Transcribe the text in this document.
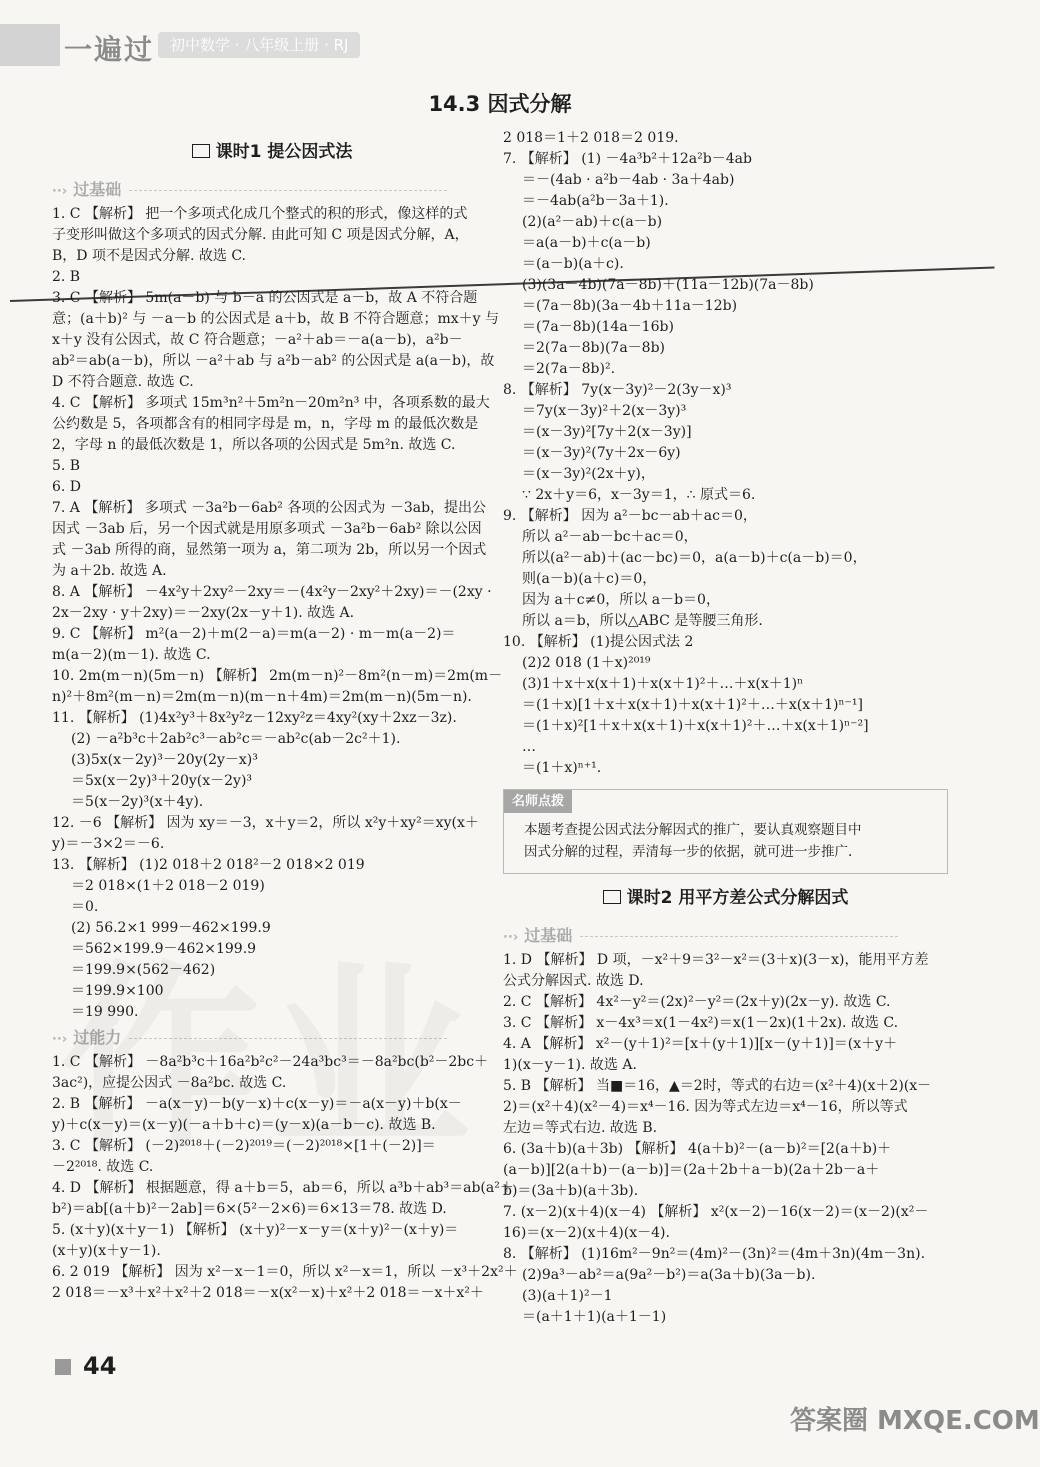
一遍过	初中数学 · 八年级上册 · RJ
14.3 因式分解

课时1 提公因式法

∙∙› 过基础

1. C 【解析】 把一个多项式化成几个整式的积的形式，像这样的式

子变形叫做这个多项式的因式分解. 由此可知 C 项是因式分解，A，

B，D 项不是因式分解. 故选 C.

2. B

3. C 【解析】 5m(a－b) 与 b－a 的公因式是 a－b，故 A 不符合题

意；(a＋b)² 与 －a－b 的公因式是 a＋b，故 B 不符合题意；mx＋y 与

x＋y 没有公因式，故 C 符合题意；－a²＋ab＝－a(a－b)，a²b－

ab²＝ab(a－b)，所以 －a²＋ab 与 a²b－ab² 的公因式是 a(a－b)，故

D 不符合题意. 故选 C.

4. C 【解析】 多项式 15m³n²＋5m²n－20m²n³ 中，各项系数的最大

公约数是 5，各项都含有的相同字母是 m，n，字母 m 的最低次数是

2，字母 n 的最低次数是 1，所以各项的公因式是 5m²n. 故选 C.

5. B

6. D

7. A 【解析】 多项式 －3a²b－6ab² 各项的公因式为 －3ab，提出公

因式 －3ab 后，另一个因式就是用原多项式 －3a²b－6ab² 除以公因

式 －3ab 所得的商，显然第一项为 a，第二项为 2b，所以另一个因式

为 a＋2b. 故选 A.

8. A 【解析】 －4x²y＋2xy²－2xy＝－(4x²y－2xy²＋2xy)＝－(2xy ·

2x－2xy · y＋2xy)＝－2xy(2x－y＋1). 故选 A.

9. C 【解析】 m²(a－2)＋m(2－a)＝m(a－2) · m－m(a－2)＝

m(a－2)(m－1). 故选 C.

10. 2m(m－n)(5m－n) 【解析】 2m(m－n)²－8m²(n－m)＝2m(m－

n)²＋8m²(m－n)＝2m(m－n)(m－n＋4m)＝2m(m－n)(5m－n).

11. 【解析】 (1)4x²y³＋8x²y²z－12xy²z＝4xy²(xy＋2xz－3z).

(2) －a²b³c＋2ab²c³－ab²c＝－ab²c(ab－2c²＋1).

(3)5x(x－2y)³－20y(2y－x)³

＝5x(x－2y)³＋20y(x－2y)³

＝5(x－2y)³(x＋4y).

12. －6 【解析】 因为 xy＝－3，x＋y＝2，所以 x²y＋xy²＝xy(x＋

y)＝－3×2＝－6.

13. 【解析】 (1)2 018＋2 018²－2 018×2 019

＝2 018×(1＋2 018－2 019)

＝0.

(2) 56.2×1 999－462×199.9

＝562×199.9－462×199.9

＝199.9×(562－462)

＝199.9×100

＝19 990.

∙∙› 过能力

1. C 【解析】 －8a²b³c＋16a²b²c²－24a³bc³＝－8a²bc(b²－2bc＋

3ac²)，应提公因式 －8a²bc. 故选 C.

2. B 【解析】 －a(x－y)－b(y－x)＋c(x－y)＝－a(x－y)＋b(x－

y)＋c(x－y)＝(x－y)(－a＋b＋c)＝(y－x)(a－b－c). 故选 B.

3. C 【解析】 (－2)²⁰¹⁸＋(－2)²⁰¹⁹＝(－2)²⁰¹⁸×[1＋(－2)]＝

－2²⁰¹⁸. 故选 C.

4. D 【解析】 根据题意，得 a＋b＝5，ab＝6，所以 a³b＋ab³＝ab(a²＋

b²)＝ab[(a＋b)²－2ab]＝6×(5²－2×6)＝6×13＝78. 故选 D.

5. (x＋y)(x＋y－1) 【解析】 (x＋y)²－x－y＝(x＋y)²－(x＋y)＝

(x＋y)(x＋y－1).

6. 2 019 【解析】 因为 x²－x－1＝0，所以 x²－x＝1，所以 －x³＋2x²＋

2 018＝－x³＋x²＋x²＋2 018＝－x(x²－x)＋x²＋2 018＝－x＋x²＋

2 018＝1＋2 018＝2 019.

7. 【解析】 (1) －4a³b²＋12a²b－4ab

＝－(4ab · a²b－4ab · 3a＋4ab)

＝－4ab(a²b－3a＋1).

(2)(a²－ab)＋c(a－b)

＝a(a－b)＋c(a－b)

＝(a－b)(a＋c).

(3)(3a－4b)(7a－8b)＋(11a－12b)(7a－8b)

＝(7a－8b)(3a－4b＋11a－12b)

＝(7a－8b)(14a－16b)

＝2(7a－8b)(7a－8b)

＝2(7a－8b)².

8. 【解析】 7y(x－3y)²－2(3y－x)³

＝7y(x－3y)²＋2(x－3y)³

＝(x－3y)²[7y＋2(x－3y)]

＝(x－3y)²(7y＋2x－6y)

＝(x－3y)²(2x＋y)，

∵ 2x＋y＝6，x－3y＝1，∴ 原式＝6.

9. 【解析】 因为 a²－bc－ab＋ac＝0，

所以 a²－ab－bc＋ac＝0，

所以(a²－ab)＋(ac－bc)＝0，a(a－b)＋c(a－b)＝0，

则(a－b)(a＋c)＝0，

因为 a＋c≠0，所以 a－b＝0，

所以 a＝b，所以△ABC 是等腰三角形.

10. 【解析】 (1)提公因式法 2

(2)2 018 (1＋x)²⁰¹⁹

(3)1＋x＋x(x＋1)＋x(x＋1)²＋…＋x(x＋1)ⁿ

＝(1＋x)[1＋x＋x(x＋1)＋x(x＋1)²＋…＋x(x＋1)ⁿ⁻¹]

＝(1＋x)²[1＋x＋x(x＋1)＋x(x＋1)²＋…＋x(x＋1)ⁿ⁻²]

…

＝(1＋x)ⁿ⁺¹.

名师点拨
本题考查提公因式法分解因式的推广，要认真观察题目中
因式分解的过程，弄清每一步的依据，就可进一步推广.

课时2 用平方差公式分解因式

∙∙› 过基础

1. D 【解析】 D 项，－x²＋9＝3²－x²＝(3＋x)(3－x)，能用平方差

公式分解因式. 故选 D.

2. C 【解析】 4x²－y²＝(2x)²－y²＝(2x＋y)(2x－y). 故选 C.

3. C 【解析】 x－4x³＝x(1－4x²)＝x(1－2x)(1＋2x). 故选 C.

4. A 【解析】 x²－(y＋1)²＝[x＋(y＋1)][x－(y＋1)]＝(x＋y＋

1)(x－y－1). 故选 A.

5. B 【解析】 当■＝16，▲＝2时，等式的右边＝(x²＋4)(x＋2)(x－

2)＝(x²＋4)(x²－4)＝x⁴－16. 因为等式左边＝x⁴－16，所以等式

左边＝等式右边. 故选 B.

6. (3a＋b)(a＋3b) 【解析】 4(a＋b)²－(a－b)²＝[2(a＋b)＋

(a－b)][2(a＋b)－(a－b)]＝(2a＋2b＋a－b)(2a＋2b－a＋

b)＝(3a＋b)(a＋3b).

7. (x－2)(x＋4)(x－4) 【解析】 x²(x－2)－16(x－2)＝(x－2)(x²－

16)＝(x－2)(x＋4)(x－4).

8. 【解析】 (1)16m²－9n²＝(4m)²－(3n)²＝(4m＋3n)(4m－3n).

(2)9a³－ab²＝a(9a²－b²)＝a(3a＋b)(3a－b).

(3)(a＋1)²－1

＝(a＋1＋1)(a＋1－1)

44
答案圈 MXQE.COM
